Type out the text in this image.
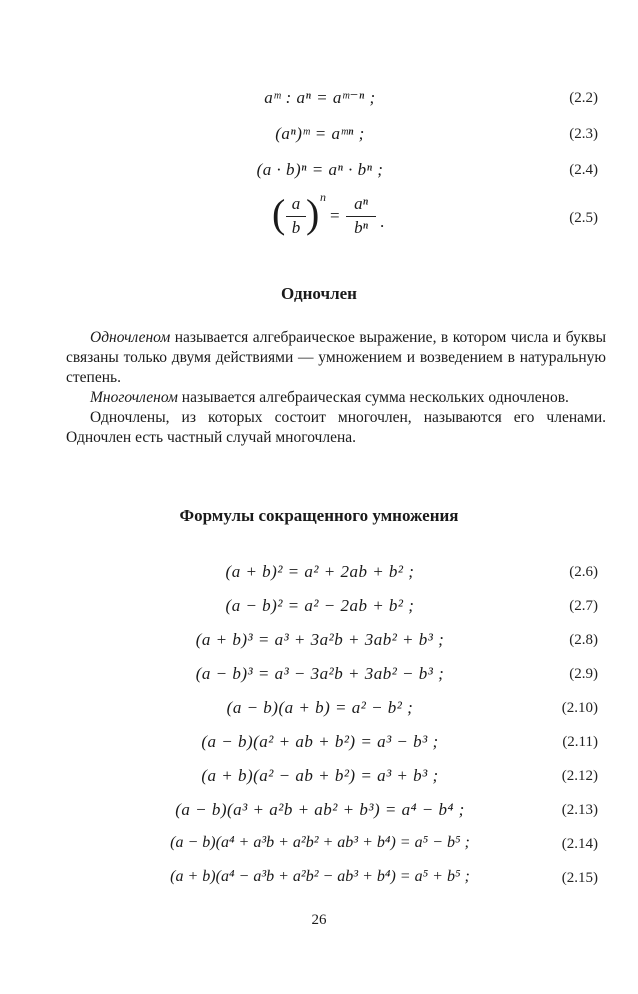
aᵐ : aⁿ = aᵐ⁻ⁿ ;	(2.2)
(aⁿ)ᵐ = aᵐⁿ ;	(2.3)
(a · b)ⁿ = aⁿ · bⁿ ;	(2.4)
( a
b ) n
=
aⁿ
bⁿ .	(2.5)
Одночлен

Одночленом называется алгебраическое выражение, в котором числа и буквы связаны только двумя действиями — умножением и возведением в натуральную степень.

Многочленом называется алгебраическая сумма нескольких одночленов.

Одночлены, из которых состоит многочлен, называются его членами. Одночлен есть частный случай многочлена.

Формулы сокращенного умножения
(a + b)² = a² + 2ab + b² ;	(2.6)
(a − b)² = a² − 2ab + b² ;	(2.7)
(a + b)³ = a³ + 3a²b + 3ab² + b³ ;	(2.8)
(a − b)³ = a³ − 3a²b + 3ab² − b³ ;	(2.9)
(a − b)(a + b) = a² − b² ;	(2.10)
(a − b)(a² + ab + b²) = a³ − b³ ;	(2.11)
(a + b)(a² − ab + b²) = a³ + b³ ;	(2.12)
(a − b)(a³ + a²b + ab² + b³) = a⁴ − b⁴ ;	(2.13)
(a − b)(a⁴ + a³b + a²b² + ab³ + b⁴) = a⁵ − b⁵ ;	(2.14)
(a + b)(a⁴ − a³b + a²b² − ab³ + b⁴) = a⁵ + b⁵ ;	(2.15)
26
